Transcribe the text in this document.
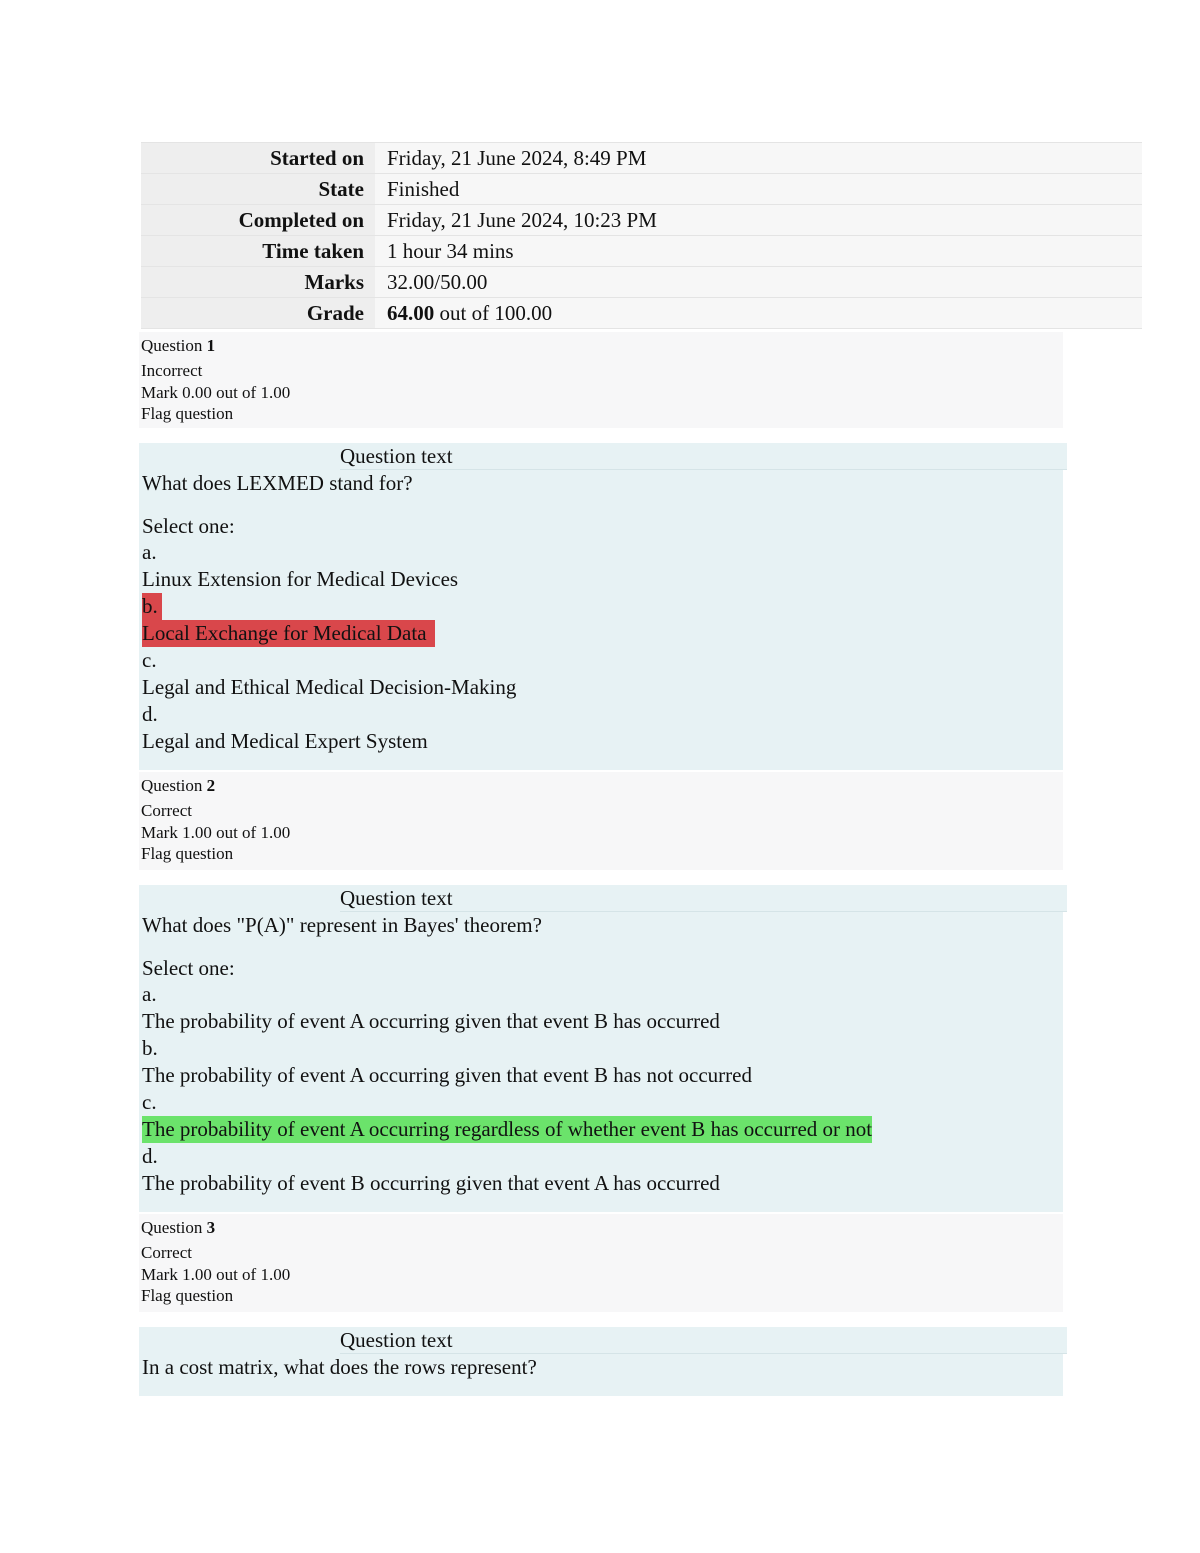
Started on	Friday, 21 June 2024, 8:49 PM
State	Finished
Completed on	Friday, 21 June 2024, 10:23 PM
Time taken	1 hour 34 mins
Marks	32.00/50.00
Grade	64.00 out of 100.00
Question 1
Incorrect
Mark 0.00 out of 1.00
Flag question
Question text
What does LEXMED stand for?
Select one:
a.
Linux Extension for Medical Devices
b.
Local Exchange for Medical Data
c.
Legal and Ethical Medical Decision-Making
d.
Legal and Medical Expert System
Question 2
Correct
Mark 1.00 out of 1.00
Flag question
Question text
What does "P(A)" represent in Bayes' theorem?
Select one:
a.
The probability of event A occurring given that event B has occurred
b.
The probability of event A occurring given that event B has not occurred
c.
The probability of event A occurring regardless of whether event B has occurred or not
d.
The probability of event B occurring given that event A has occurred
Question 3
Correct
Mark 1.00 out of 1.00
Flag question
Question text
In a cost matrix, what does the rows represent?
